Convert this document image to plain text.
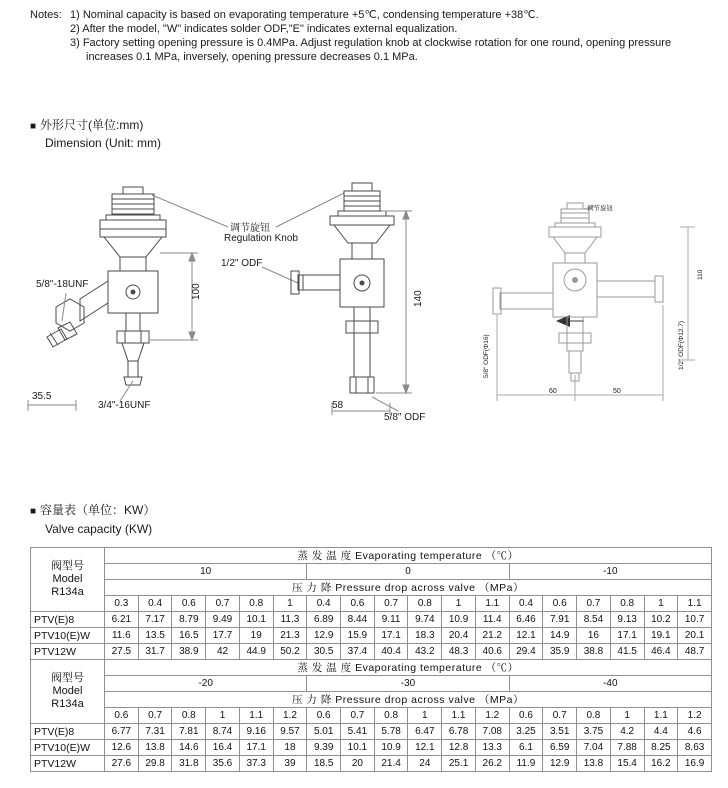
Notes: 1) Nominal capacity is based on evaporating temperature +5℃, condensing temperature +38℃.
2) After the model, "W" indicates solder ODF,"E" indicates external equalization.
3) Factory setting opening pressure is 0.4MPa. Adjust regulation knob at clockwise rotation for one round, opening pressure increases 0.1 MPa, inversely, opening pressure decreases 0.1 MPa.
■ 外形尺寸(单位:mm)
Dimension (Unit: mm)
调节旋钮
Regulation Knob
5/8"-18UNF	100
35.5
3/4"-16UNF
1/2" ODF
140
58
5/8" ODF
调节旋钮
110
5/8" ODF(Φ16)	1/2" ODF(Φ12.7)
60	50
■ 容量表（单位：KW）
Valve capacity (KW)
阀型号
Model
R134a	蒸 发 温 度 Evaporating temperature （℃）																	
	10						0						-10					
	压 力 降 Pressure drop across valve （MPa）																	
	0.3	0.4	0.6	0.7	0.8	1	0.4	0.6	0.7	0.8	1	1.1	0.4	0.6	0.7	0.8	1	1.1
PTV(E)8	6.21	7.17	8.79	9.49	10.1	11.3	6.89	8.44	9.11	9.74	10.9	11.4	6.46	7.91	8.54	9.13	10.2	10.7
PTV10(E)W	11.6	13.5	16.5	17.7	19	21.3	12.9	15.9	17.1	18.3	20.4	21.2	12.1	14.9	16	17.1	19.1	20.1
PTV12W	27.5	31.7	38.9	42	44.9	50.2	30.5	37.4	40.4	43.2	48.3	40.6	29.4	35.9	38.8	41.5	46.4	48.7

阀型号
Model
R134a	蒸 发 温 度 Evaporating temperature （℃）																	
	-20						-30						-40					
	压 力 降 Pressure drop across valve （MPa）																	
	0.6	0.7	0.8	1	1.1	1.2	0.6	0.7	0.8	1	1.1	1.2	0.6	0.7	0.8	1	1.1	1.2
PTV(E)8	6.77	7.31	7.81	8.74	9.16	9.57	5.01	5.41	5.78	6.47	6.78	7.08	3.25	3.51	3.75	4.2	4.4	4.6
PTV10(E)W	12.6	13.8	14.6	16.4	17.1	18	9.39	10.1	10.9	12.1	12.8	13.3	6.1	6.59	7.04	7.88	8.25	8.63
PTV12W	27.6	29.8	31.8	35.6	37.3	39	18.5	20	21.4	24	25.1	26.2	11.9	12.9	13.8	15.4	16.2	16.9
